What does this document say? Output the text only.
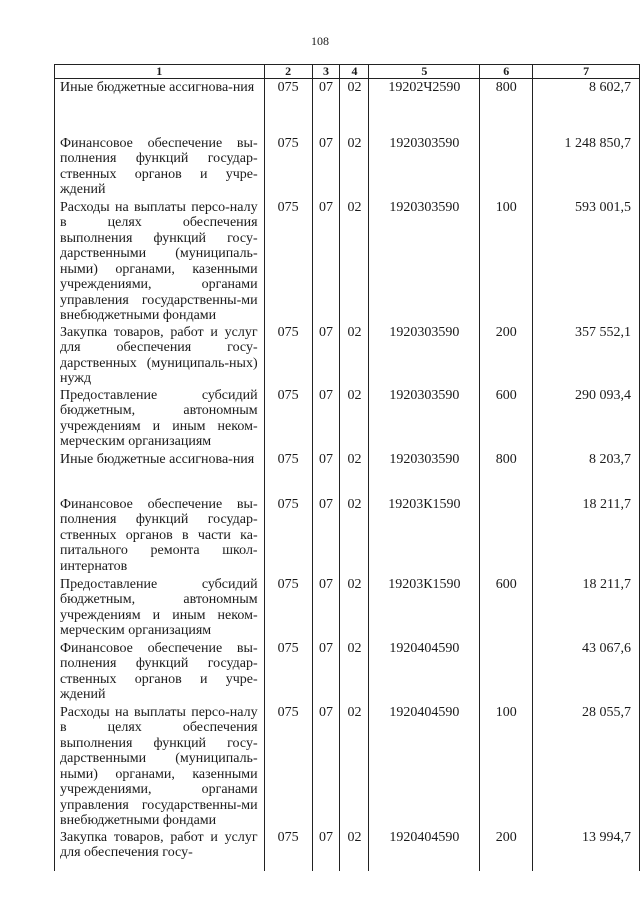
108
1	2	3	4	5	6	7
Иные бюджетные ассигнова-ния	075	07	02	19202Ч2590	800	8 602,7
Финансовое обеспечение вы-полнения функций государ-ственных органов и учре-ждений	075	07	02	1920303590		1 248 850,7
Расходы на выплаты персо-налу в целях обеспечения выполнения функций госу-дарственными (муниципаль-ными) органами, казенными учреждениями, органами управления государственны-ми внебюджетными фондами	075	07	02	1920303590	100	593 001,5
Закупка товаров, работ и услуг для обеспечения госу-дарственных (муниципаль-ных) нужд	075	07	02	1920303590	200	357 552,1
Предоставление субсидий бюджетным, автономным учреждениям и иным неком-мерческим организациям	075	07	02	1920303590	600	290 093,4
Иные бюджетные ассигнова-ния	075	07	02	1920303590	800	8 203,7
Финансовое обеспечение вы-полнения функций государ-ственных органов в части ка-питального ремонта школ-интернатов	075	07	02	19203К1590		18 211,7
Предоставление субсидий бюджетным, автономным учреждениям и иным неком-мерческим организациям	075	07	02	19203К1590	600	18 211,7
Финансовое обеспечение вы-полнения функций государ-ственных органов и учре-ждений	075	07	02	1920404590		43 067,6
Расходы на выплаты персо-налу в целях обеспечения выполнения функций госу-дарственными (муниципаль-ными) органами, казенными учреждениями, органами управления государственны-ми внебюджетными фондами	075	07	02	1920404590	100	28 055,7
Закупка товаров, работ и услуг для обеспечения госу-	075	07	02	1920404590	200	13 994,7
